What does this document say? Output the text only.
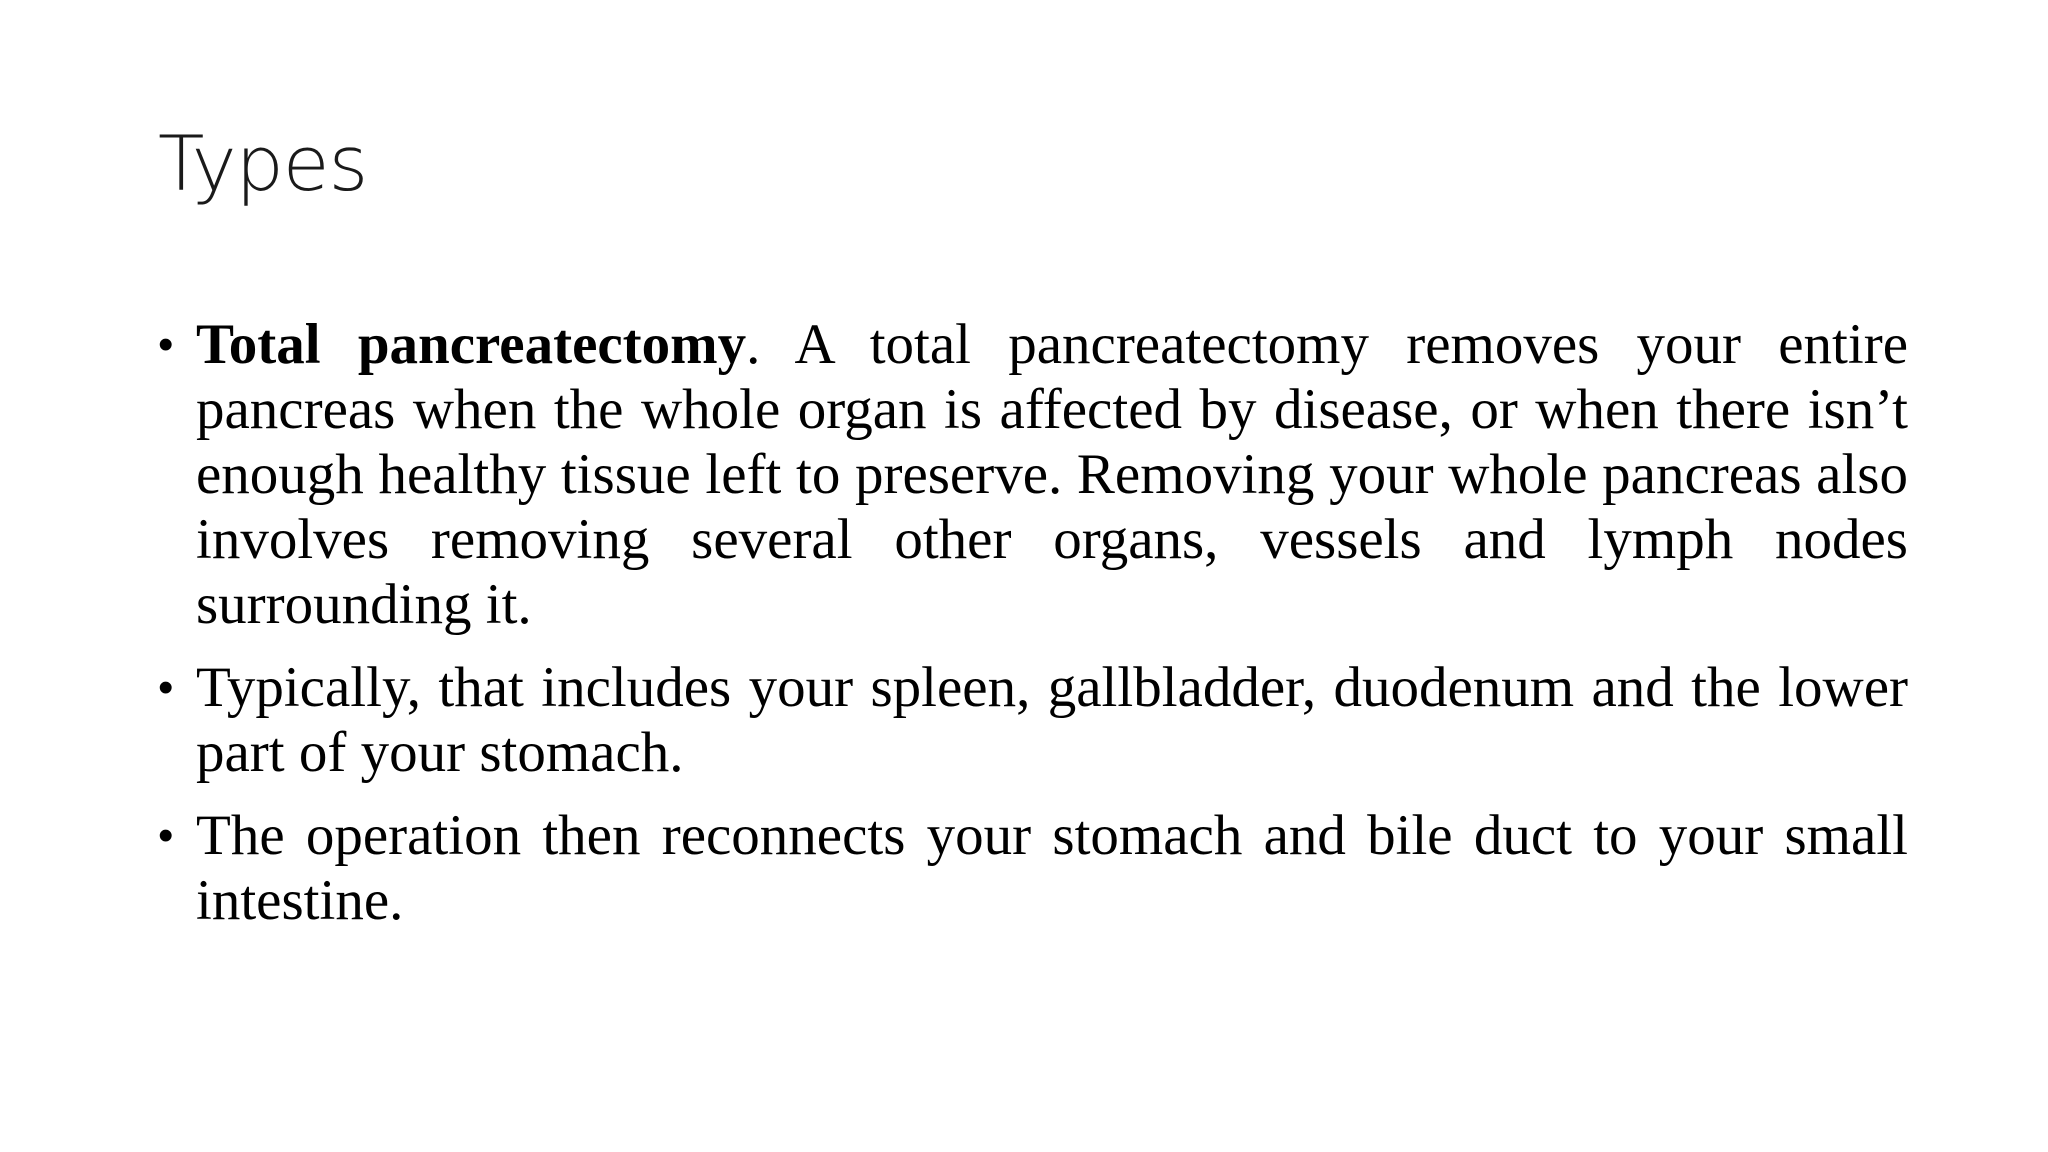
Types
• Total pancreatectomy. A total pancreatectomy removes your entire pancreas when the whole organ is affected by disease, or when there isn’t enough healthy tissue left to preserve. Removing your whole pancreas also involves removing several other organs, vessels and lymph nodes surrounding it.
• Typically, that includes your spleen, gallbladder, duodenum and the lower part of your stomach.
• The operation then reconnects your stomach and bile duct to your small intestine.
